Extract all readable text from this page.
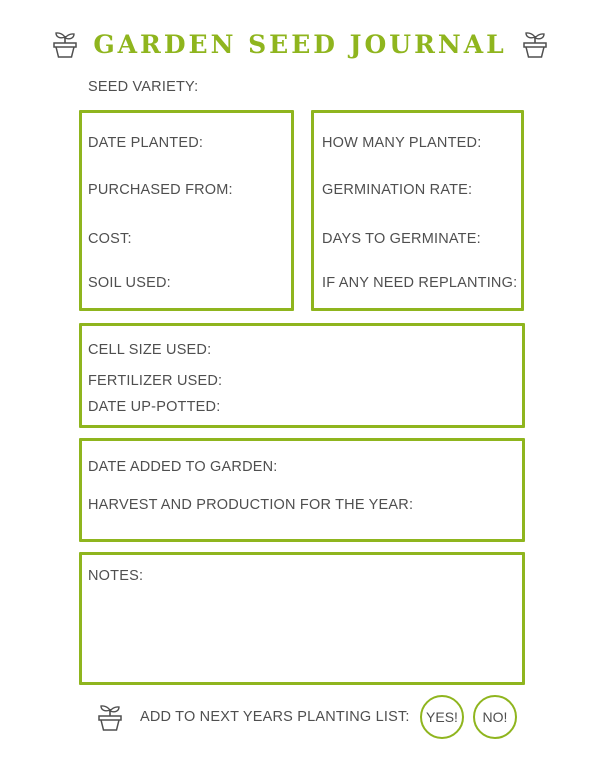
GARDEN SEED JOURNAL
SEED VARIETY:
DATE PLANTED:
PURCHASED FROM:
COST:
SOIL USED:
HOW MANY PLANTED:
GERMINATION RATE:
DAYS TO GERMINATE:
IF ANY NEED REPLANTING:
CELL SIZE USED:
FERTILIZER USED:
DATE UP-POTTED:
DATE ADDED TO GARDEN:
HARVEST AND PRODUCTION FOR THE YEAR:
NOTES:
ADD TO NEXT YEARS PLANTING LIST: YES! NO!
